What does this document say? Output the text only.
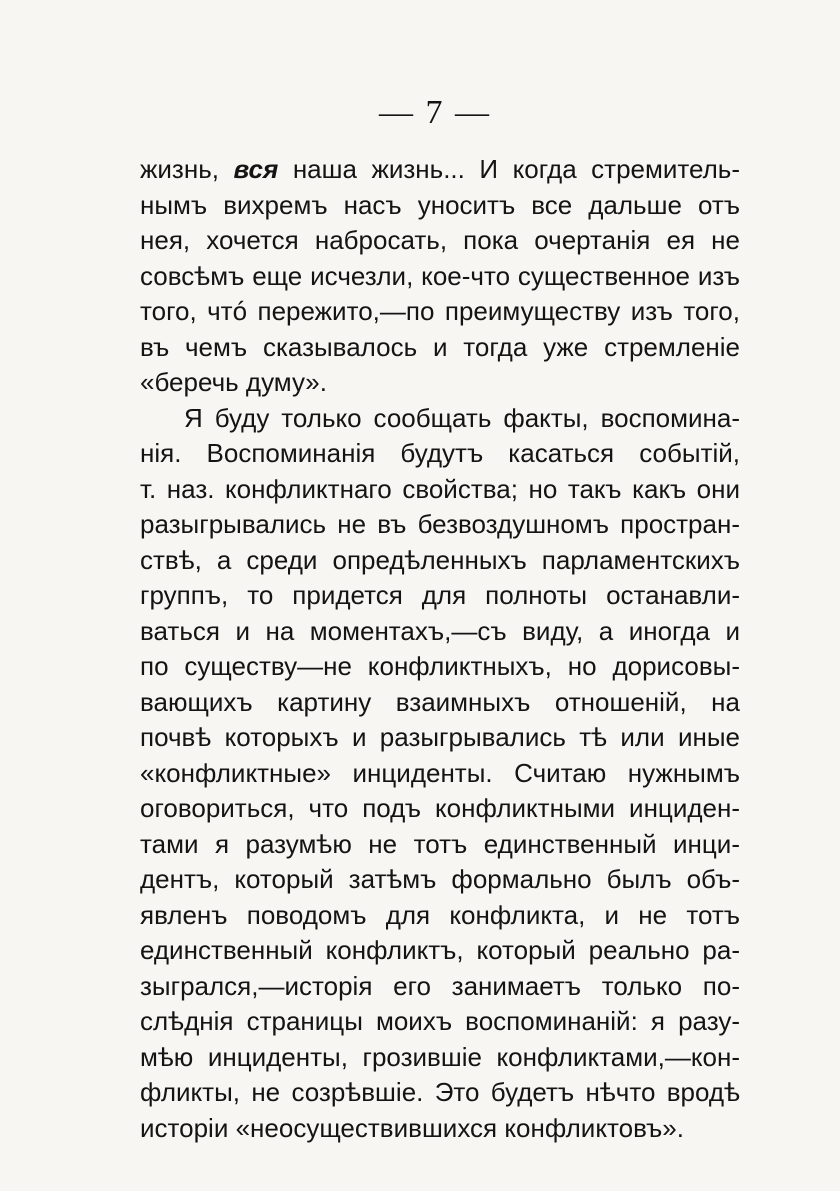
— 7 —
жизнь, вся наша жизнь... И когда стремитель-
нымъ вихремъ насъ уноситъ все дальше отъ
нея, хочется набросать, пока очертанія ея не
совсѣмъ еще исчезли, кое-что существенное изъ
того, чтó пережито,—по преимуществу изъ того,
въ чемъ сказывалось и тогда уже стремленіе
«беречь думу».
Я буду только сообщать факты, воспомина-
нія. Воспоминанія будутъ касаться событій,
т. наз. конфликтнаго свойства; но такъ какъ они
разыгрывались не въ безвоздушномъ простран-
ствѣ, а среди опредѣленныхъ парламентскихъ
группъ, то придется для полноты останавли-
ваться и на моментахъ,—съ виду, а иногда и
по существу—не конфликтныхъ, но дорисовы-
вающихъ картину взаимныхъ отношеній, на
почвѣ которыхъ и разыгрывались тѣ или иные
«конфликтные» инциденты. Считаю нужнымъ
оговориться, что подъ конфликтными инциден-
тами я разумѣю не тотъ единственный инци-
дентъ, который затѣмъ формально былъ объ-
явленъ поводомъ для конфликта, и не тотъ
единственный конфликтъ, который реально ра-
зыгрался,—исторія его занимаетъ только по-
слѣднія страницы моихъ воспоминаній: я разу-
мѣю инциденты, грозившіе конфликтами,—кон-
фликты, не созрѣвшіе. Это будетъ нѣчто вродѣ
исторіи «неосуществившихся конфликтовъ».
